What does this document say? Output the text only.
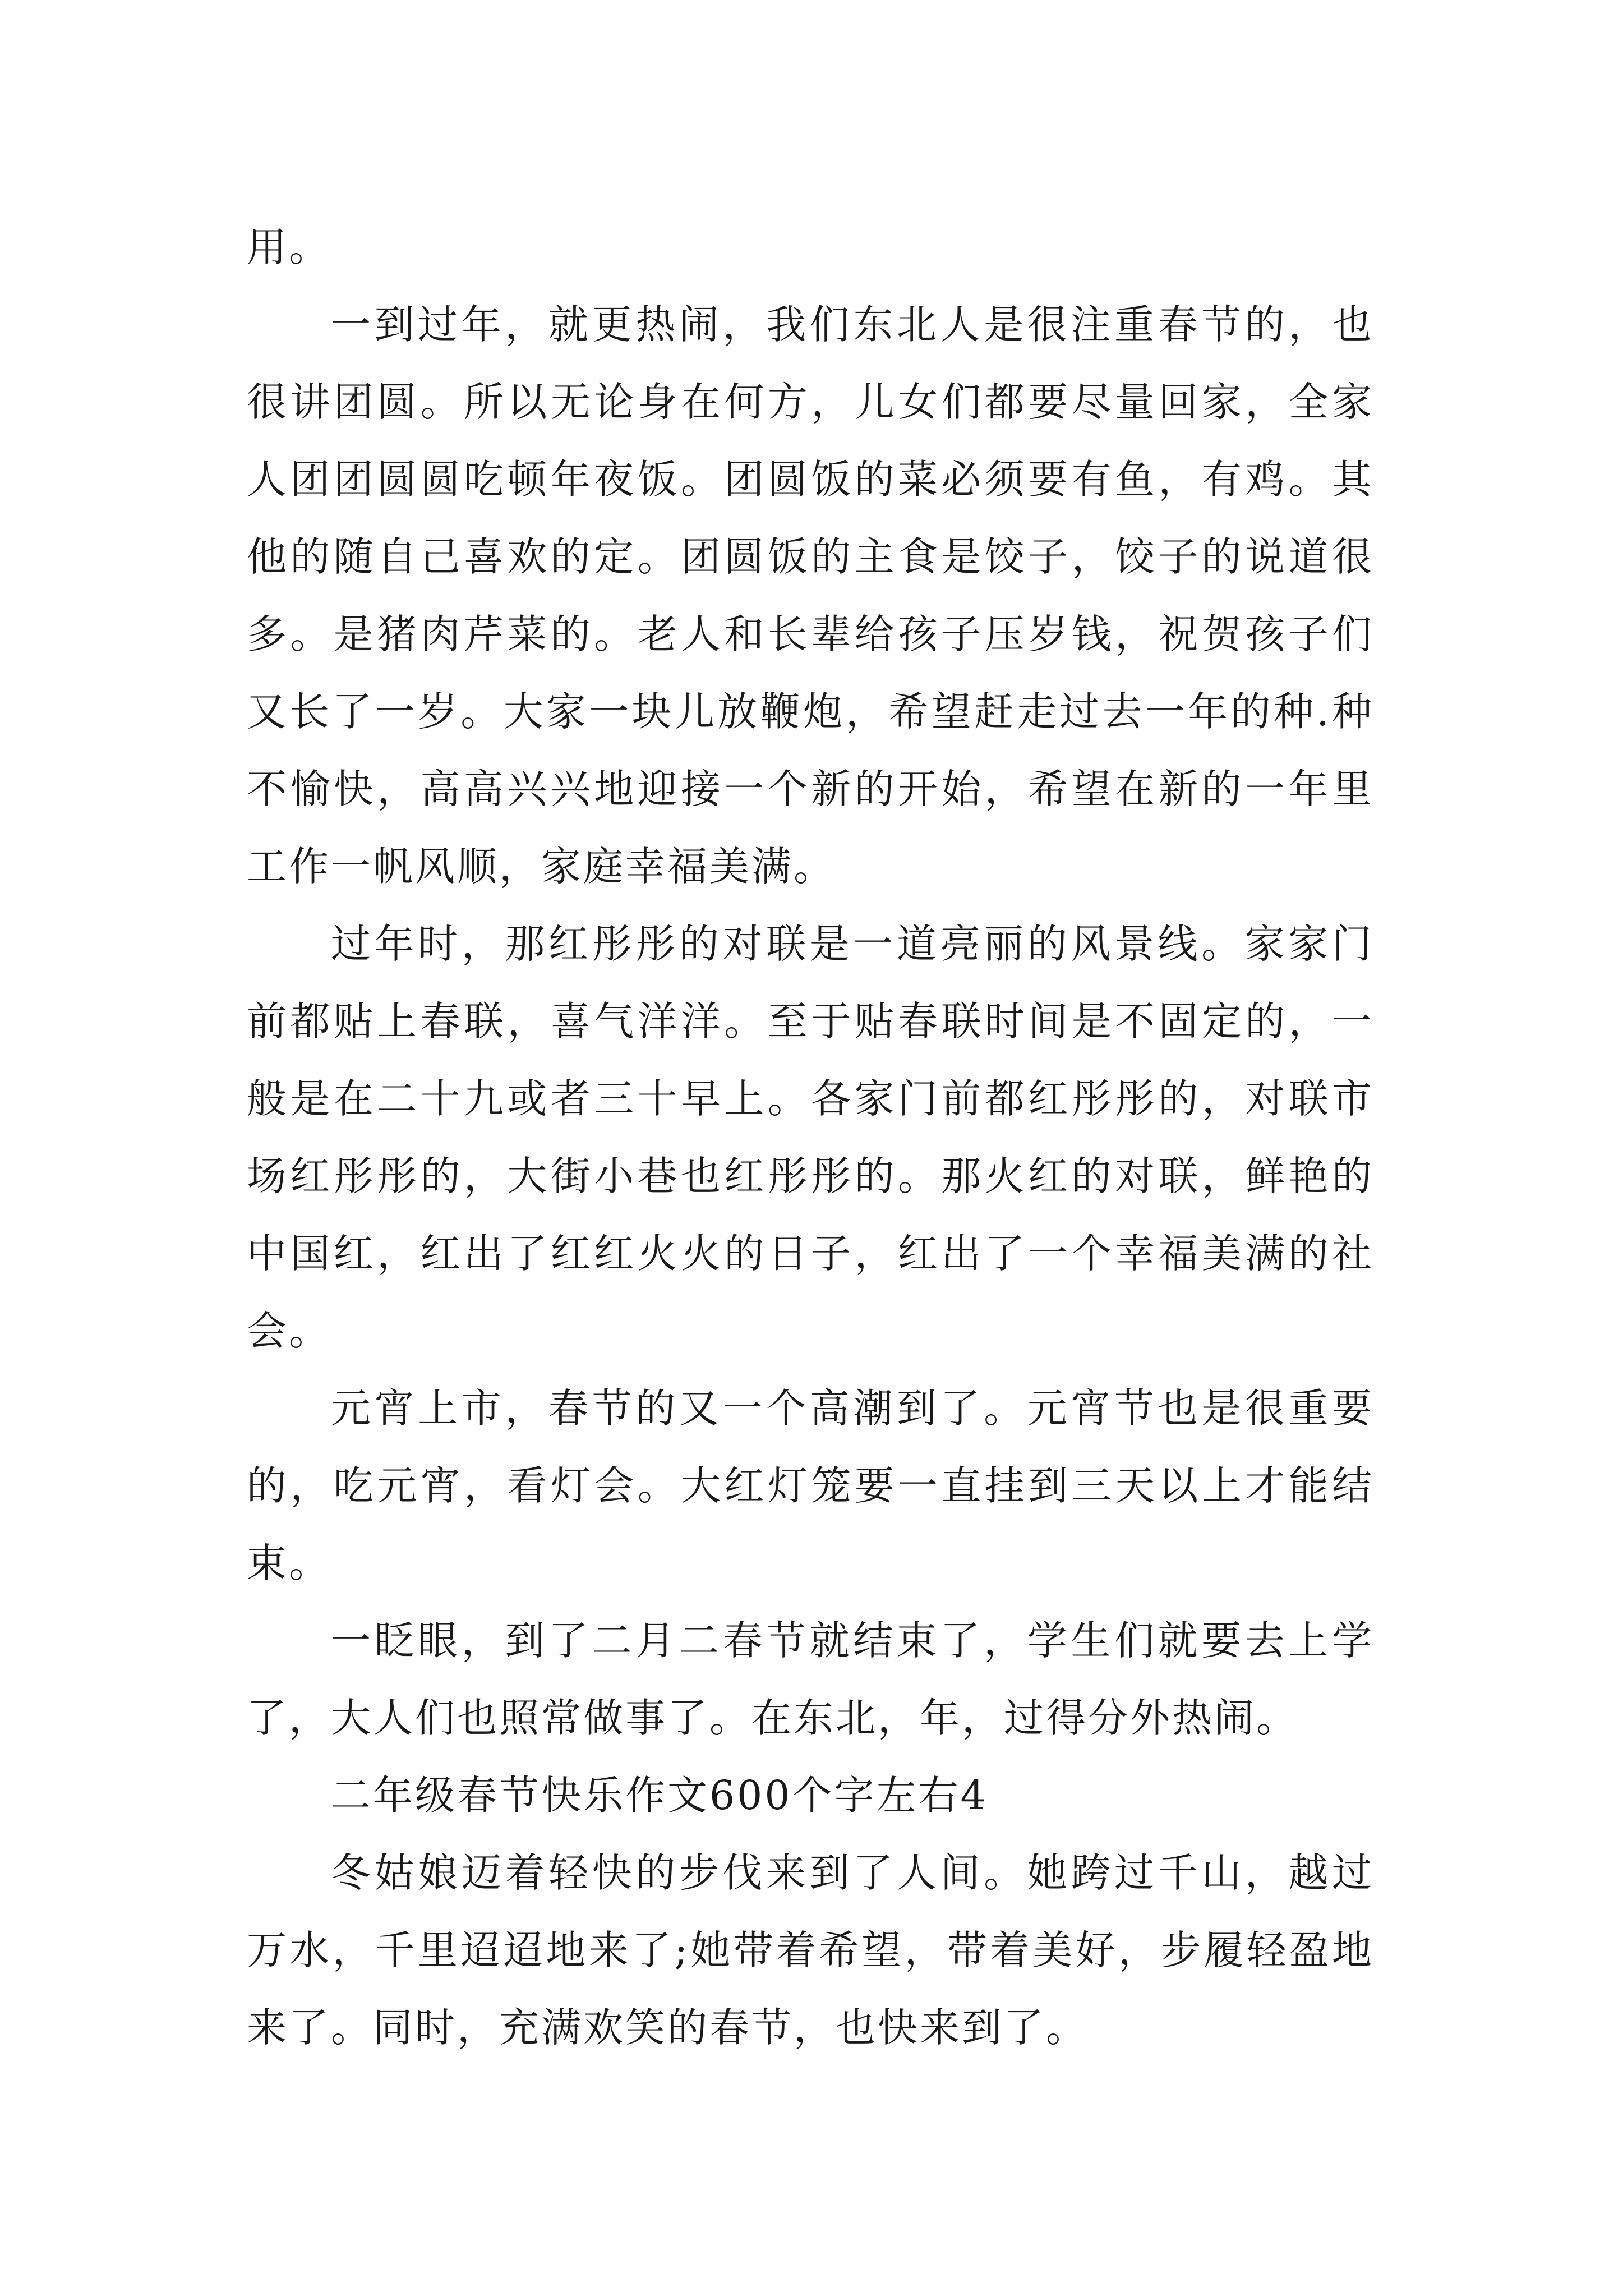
用。

一到过年，就更热闹，我们东北人是很注重春节的，也很讲团圆。所以无论身在何方，儿女们都要尽量回家，全家人团团圆圆吃顿年夜饭。团圆饭的菜必须要有鱼，有鸡。其他的随自己喜欢的定。团圆饭的主食是饺子，饺子的说道很多。是猪肉芹菜的。老人和长辈给孩子压岁钱，祝贺孩子们又长了一岁。大家一块儿放鞭炮，希望赶走过去一年的种.种不愉快，高高兴兴地迎接一个新的开始，希望在新的一年里工作一帆风顺，家庭幸福美满。

过年时，那红彤彤的对联是一道亮丽的风景线。家家门前都贴上春联，喜气洋洋。至于贴春联时间是不固定的，一般是在二十九或者三十早上。各家门前都红彤彤的，对联市场红彤彤的，大街小巷也红彤彤的。那火红的对联，鲜艳的中国红，红出了红红火火的日子，红出了一个幸福美满的社会。

元宵上市，春节的又一个高潮到了。元宵节也是很重要的，吃元宵，看灯会。大红灯笼要一直挂到三天以上才能结束。

一眨眼，到了二月二春节就结束了，学生们就要去上学了，大人们也照常做事了。在东北，年，过得分外热闹。

二年级春节快乐作文600个字左右4

冬姑娘迈着轻快的步伐来到了人间。她跨过千山，越过万水，千里迢迢地来了;她带着希望，带着美好，步履轻盈地来了。同时，充满欢笑的春节，也快来到了。
